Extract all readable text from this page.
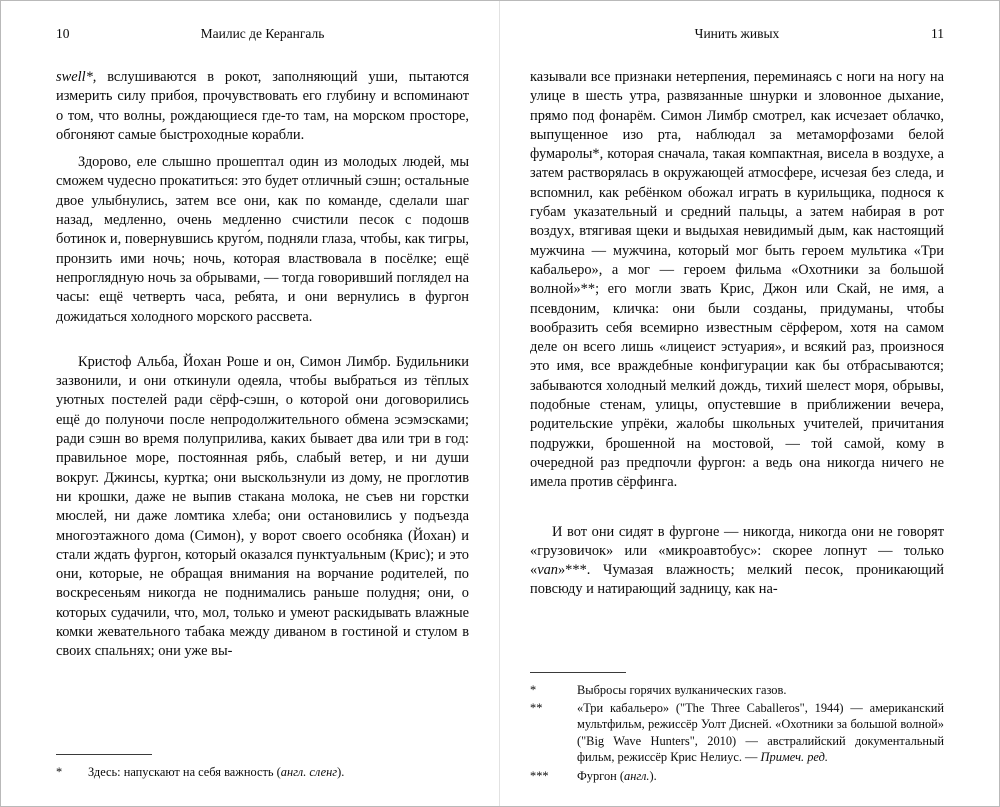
10	Маилис де Керангаль

swell*, вслушиваются в рокот, заполняющий уши, пытаются измерить силу прибоя, прочувствовать его глубину и вспоминают о том, что волны, рождающиеся где-то там, на морском просторе, обгоняют самые быстроходные корабли.

Здорово, еле слышно прошептал один из молодых людей, мы сможем чудесно прокатиться: это будет отличный сэшн; остальные двое улыбнулись, затем все они, как по команде, сделали шаг назад, медленно, очень медленно счистили песок с подошв ботинок и, повернувшись круго́м, подняли глаза, чтобы, как тигры, пронзить ими ночь; ночь, которая властвовала в посёлке; ещё непроглядную ночь за обрывами, — тогда говоривший поглядел на часы: ещё четверть часа, ребята, и они вернулись в фургон дожидаться холодного морского рассвета.

Кристоф Альба, Йохан Роше и он, Симон Лимбр. Будильники зазвонили, и они откинули одеяла, чтобы выбраться из тёплых уютных постелей ради сёрф-сэшн, о которой они договорились ещё до полуночи после непродолжительного обмена эсэмэсками; ради сэшн во время полуприлива, каких бывает два или три в год: правильное море, постоянная рябь, слабый ветер, и ни души вокруг. Джинсы, куртка; они выскользнули из дому, не проглотив ни крошки, даже не выпив стакана молока, не съев ни горстки мюслей, ни даже ломтика хлеба; они остановились у подъезда многоэтажного дома (Симон), у ворот своего особняка (Йохан) и стали ждать фургон, который оказался пунктуальным (Крис); и это они, которые, не обращая внимания на ворчание родителей, по воскресеньям никогда не поднимались раньше полудня; они, о которых судачили, что, мол, только и умеют раскидывать влажные комки жевательного табака между диваном в гостиной и стулом в своих спальнях; они уже вы-

*	Здесь: напускают на себя важность (англ. сленг).
Чинить живых	11

казывали все признаки нетерпения, переминаясь с ноги на ногу на улице в шесть утра, развязанные шнурки и зловонное дыхание, прямо под фонарём. Симон Лимбр смотрел, как исчезает облачко, выпущенное изо рта, наблюдал за метаморфозами белой фумаролы*, которая сначала, такая компактная, висела в воздухе, а затем растворялась в окружающей атмосфере, исчезая без следа, и вспомнил, как ребёнком обожал играть в курильщика, поднося к губам указательный и средний пальцы, а затем набирая в рот воздух, втягивая щеки и выдыхая невидимый дым, как настоящий мужчина — мужчина, который мог быть героем мультика «Три кабальеро», а мог — героем фильма «Охотники за большой волной»**; его могли звать Крис, Джон или Скай, не имя, а псевдоним, кличка: они были созданы, придуманы, чтобы вообразить себя всемирно известным сёрфером, хотя на самом деле он всего лишь «лицеист эстуария», и всякий раз, произнося это имя, все враждебные конфигурации как бы отбрасываются; забываются холодный мелкий дождь, тихий шелест моря, обрывы, подобные стенам, улицы, опустевшие в приближении вечера, родительские упрёки, жалобы школьных учителей, причитания подружки, брошенной на мостовой, — той самой, кому в очередной раз предпочли фургон: а ведь она никогда ничего не имела против сёрфинга.

И вот они сидят в фургоне — никогда, никогда они не говорят «грузовичок» или «микроавтобус»: скорее лопнут — только «van»***. Чумазая влажность; мелкий песок, проникающий повсюду и натирающий задницу, как на-

*	Выбросы горячих вулканических газов.
**	«Три кабальеро» ("The Three Caballeros", 1944) — американский мультфильм, режиссёр Уолт Дисней. «Охотники за большой волной» ("Big Wave Hunters", 2010) — австралийский документальный фильм, режиссёр Крис Нелиус. — Примеч. ред.
***	Фургон (англ.).
